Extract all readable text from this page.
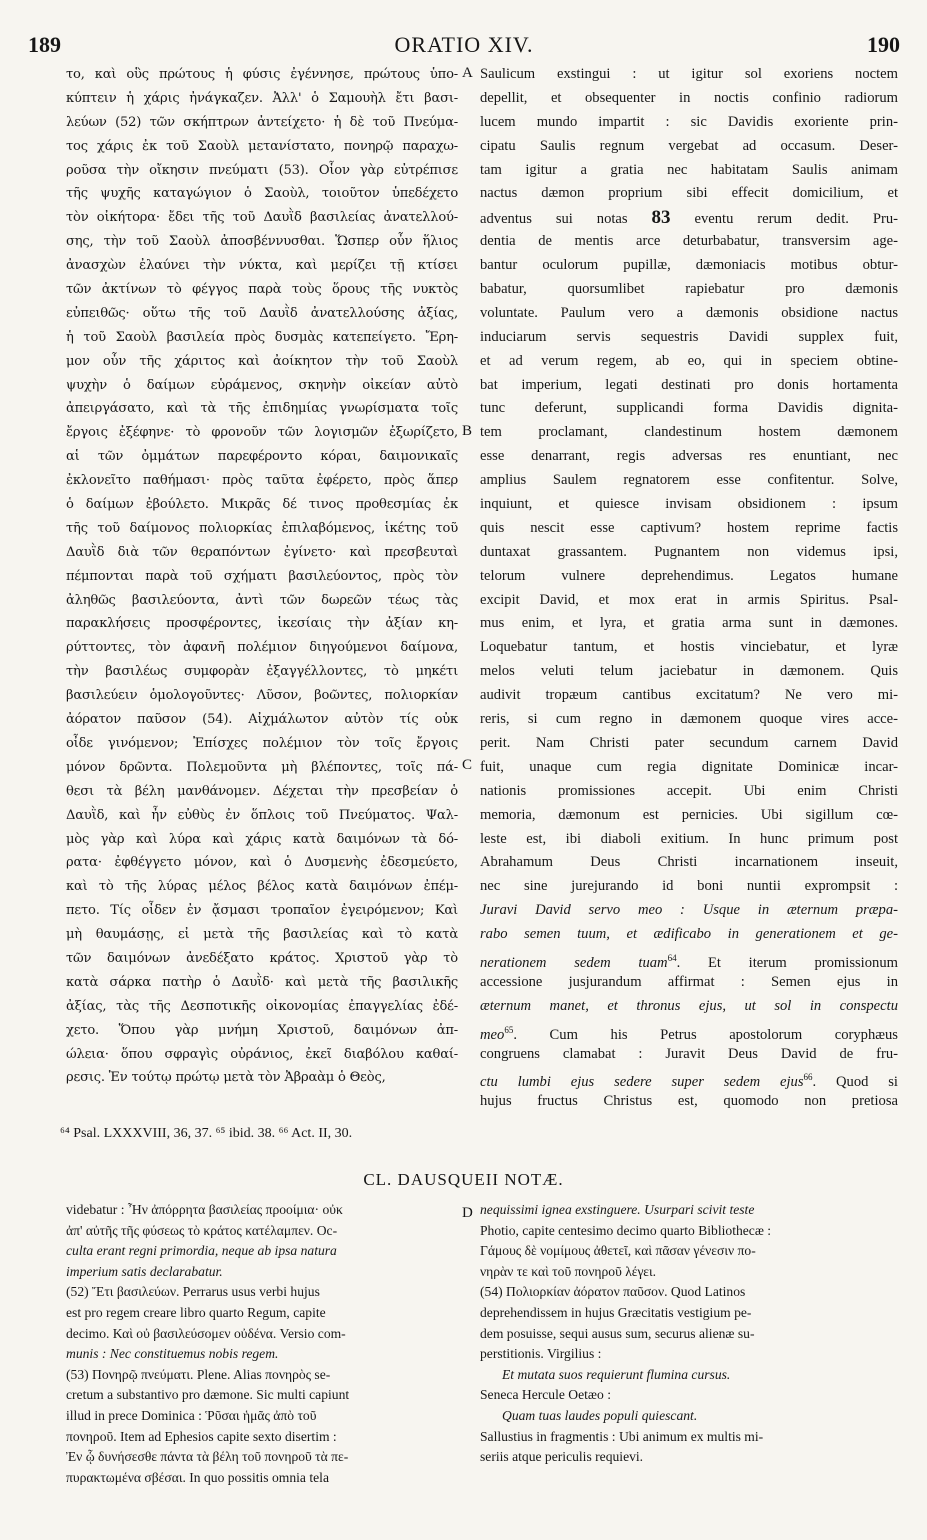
189	ORATIO XIV.	190
A
B
C
D
το, καὶ οὓς πρώτους ἡ φύσις ἐγέννησε, πρώτους ὑπο-
κύπτειν ἡ χάρις ἠνάγκαζεν. Ἀλλ' ὁ Σαμουὴλ ἔτι βασι-
λεύων (52) τῶν σκήπτρων ἀντείχετο· ἡ δὲ τοῦ Πνεύμα-
τος χάρις ἐκ τοῦ Σαοὺλ μετανίστατο, πονηρῷ παραχω-
ροῦσα τὴν οἴκησιν πνεύματι (53). Οἷον γὰρ εὐτρέπισε
τῆς ψυχῆς καταγώγιον ὁ Σαοὺλ, τοιοῦτον ὑπεδέχετο
τὸν οἰκήτορα· ἔδει τῆς τοῦ Δαυῒδ βασιλείας ἀνατελλού-
σης, τὴν τοῦ Σαοὺλ ἀποσβέννυσθαι. Ὥσπερ οὖν ἥλιος
ἀνασχὼν ἐλαύνει τὴν νύκτα, καὶ μερίζει τῇ κτίσει
τῶν ἀκτίνων τὸ φέγγος παρὰ τοὺς ὅρους τῆς νυκτὸς
εὐπειθῶς· οὕτω τῆς τοῦ Δαυῒδ ἀνατελλούσης ἀξίας,
ἡ τοῦ Σαοὺλ βασιλεία πρὸς δυσμὰς κατεπείγετο. Ἔρη-
μον οὖν τῆς χάριτος καὶ ἀοίκητον τὴν τοῦ Σαοὺλ
ψυχὴν ὁ δαίμων εὑράμενος, σκηνὴν οἰκείαν αὐτὸ
ἀπειργάσατο, καὶ τὰ τῆς ἐπιδημίας γνωρίσματα τοῖς
ἔργοις ἐξέφηνε· τὸ φρονοῦν τῶν λογισμῶν ἐξωρίζετο,
αἱ τῶν ὀμμάτων παρεφέροντο κόραι, δαιμονικαῖς
ἐκλονεῖτο παθήμασι· πρὸς ταῦτα ἐφέρετο, πρὸς ἅπερ
ὁ δαίμων ἐβούλετο. Μικρᾶς δέ τινος προθεσμίας ἐκ
τῆς τοῦ δαίμονος πολιορκίας ἐπιλαβόμενος, ἱκέτης τοῦ
Δαυῒδ διὰ τῶν θεραπόντων ἐγίνετο· καὶ πρεσβευταὶ
πέμπονται παρὰ τοῦ σχήματι βασιλεύοντος, πρὸς τὸν
ἀληθῶς βασιλεύοντα, ἀντὶ τῶν δωρεῶν τέως τὰς
παρακλήσεις προσφέροντες, ἱκεσίαις τὴν ἀξίαν κη-
ρύττοντες, τὸν ἀφανῆ πολέμιον διηγούμενοι δαίμονα,
τὴν βασιλέως συμφορὰν ἐξαγγέλλοντες, τὸ μηκέτι
βασιλεύειν ὁμολογοῦντες· Λῦσον, βοῶντες, πολιορκίαν
ἀόρατον παῦσον (54). Αἰχμάλωτον αὐτὸν τίς οὐκ
οἶδε γινόμενον; Ἐπίσχες πολέμιον τὸν τοῖς ἔργοις
μόνον δρῶντα. Πολεμοῦντα μὴ βλέποντες, τοῖς πά-
θεσι τὰ βέλη μανθάνομεν. Δέχεται τὴν πρεσβείαν ὁ
Δαυῒδ, καὶ ἦν εὐθὺς ἐν ὅπλοις τοῦ Πνεύματος. Ψαλ-
μὸς γὰρ καὶ λύρα καὶ χάρις κατὰ δαιμόνων τὰ δό-
ρατα· ἐφθέγγετο μόνον, καὶ ὁ Δυσμενὴς ἐδεσμεύετο,
καὶ τὸ τῆς λύρας μέλος βέλος κατὰ δαιμόνων ἐπέμ-
πετο. Τίς οἶδεν ἐν ᾄσμασι τροπαῖον ἐγειρόμενον; Καὶ
μὴ θαυμάσῃς, εἰ μετὰ τῆς βασιλείας καὶ τὸ κατὰ
τῶν δαιμόνων ἀνεδέξατο κράτος. Χριστοῦ γὰρ τὸ
κατὰ σάρκα πατὴρ ὁ Δαυῒδ· καὶ μετὰ τῆς βασιλικῆς
ἀξίας, τὰς τῆς Δεσποτικῆς οἰκονομίας ἐπαγγελίας ἐδέ-
χετο. Ὅπου γὰρ μνήμη Χριστοῦ, δαιμόνων ἀπ-
ώλεια· ὅπου σφραγὶς οὐράνιος, ἐκεῖ διαβόλου καθαί-
ρεσις. Ἐν τούτῳ πρώτῳ μετὰ τὸν Ἀβραὰμ ὁ Θεὸς,
Saulicum exstingui : ut igitur sol exoriens noctem
depellit, et obsequenter in noctis confinio radiorum
lucem mundo impartit : sic Davidis exoriente prin-
cipatu Saulis regnum vergebat ad occasum. Deser-
tam igitur a gratia nec habitatam Saulis animam
nactus dæmon proprium sibi effecit domicilium, et
adventus sui notas 83 eventu rerum dedit. Pru-
dentia de mentis arce deturbabatur, transversim age-
bantur oculorum pupillæ, dæmoniacis motibus obtur-
babatur, quorsumlibet rapiebatur pro dæmonis
voluntate. Paulum vero a dæmonis obsidione nactus
induciarum servis sequestris Davidi supplex fuit,
et ad verum regem, ab eo, qui in speciem obtine-
bat imperium, legati destinati pro donis hortamenta
tunc deferunt, supplicandi forma Davidis dignita-
tem proclamant, clandestinum hostem dæmonem
esse denarrant, regis adversas res enuntiant, nec
amplius Saulem regnatorem esse confitentur. Solve,
inquiunt, et quiesce invisam obsidionem : ipsum
quis nescit esse captivum? hostem reprime factis
duntaxat grassantem. Pugnantem non videmus ipsi,
telorum vulnere deprehendimus. Legatos humane
excipit David, et mox erat in armis Spiritus. Psal-
mus enim, et lyra, et gratia arma sunt in dæmones.
Loquebatur tantum, et hostis vinciebatur, et lyræ
melos veluti telum jaciebatur in dæmonem. Quis
audivit tropæum cantibus excitatum? Ne vero mi-
reris, si cum regno in dæmonem quoque vires acce-
perit. Nam Christi pater secundum carnem David
fuit, unaque cum regia dignitate Dominicæ incar-
nationis promissiones accepit. Ubi enim Christi
memoria, dæmonum est pernicies. Ubi sigillum cœ-
leste est, ibi diaboli exitium. In hunc primum post
Abrahamum Deus Christi incarnationem inseuit,
nec sine jurejurando id boni nuntii exprompsit :
Juravi David servo meo : Usque in æternum præpa-
rabo semen tuum, et ædificabo in generationem et ge-
nerationem sedem tuam$^{64}$. Et iterum promissionum
accessione jusjurandum affirmat : Semen ejus in
æternum manet, et thronus ejus, ut sol in conspectu
meo$^{65}$. Cum his Petrus apostolorum coryphæus
congruens clamabat : Juravit Deus David de fru-
ctu lumbi ejus sedere super sedem ejus$^{66}$. Quod si
hujus fructus Christus est, quomodo non pretiosa
⁶⁴ Psal. LXXXVIII, 36, 37. ⁶⁵ ibid. 38. ⁶⁶ Act. II, 30.
CL. DAUSQUEII NOTÆ.
videbatur : Ἦν ἀπόρρητα βασιλείας προοίμια· οὐκ
ἀπ' αὐτῆς τῆς φύσεως τὸ κράτος κατέλαμπεν. Oc-
culta erant regni primordia, neque ab ipsa natura
imperium satis declarabatur.
(52) Ἔτι βασιλεύων. Perrarus usus verbi hujus
est pro regem creare libro quarto Regum, capite
decimo. Καὶ οὐ βασιλεύσομεν οὐδένα. Versio com-
munis : Nec constituemus nobis regem.
(53) Πονηρῷ πνεύματι. Plene. Alias πονηρὸς se-
cretum a substantivo pro dæmone. Sic multi capiunt
illud in prece Dominica : Ῥῦσαι ἡμᾶς ἀπὸ τοῦ
πονηροῦ. Item ad Ephesios capite sexto disertim :
Ἐν ᾧ δυνήσεσθε πάντα τὰ βέλη τοῦ πονηροῦ τὰ πε-
πυρακτωμένα σβέσαι. In quo possitis omnia tela
nequissimi ignea exstinguere. Usurpari scivit teste
Photio, capite centesimo decimo quarto Bibliothecæ :
Γάμους δὲ νομίμους ἀθετεῖ, καὶ πᾶσαν γένεσιν πο-
νηρὰν τε καὶ τοῦ πονηροῦ λέγει.
(54) Πολιορκίαν ἀόρατον παῦσον. Quod Latinos
deprehendissem in hujus Græcitatis vestigium pe-
dem posuisse, sequi ausus sum, securus alienæ su-
perstitionis. Virgilius :
Et mutata suos requierunt flumina cursus.
Seneca Hercule Oetæo :
Quam tuas laudes populi quiescant.
Sallustius in fragmentis : Ubi animum ex multis mi-
seriis atque periculis requievi.
